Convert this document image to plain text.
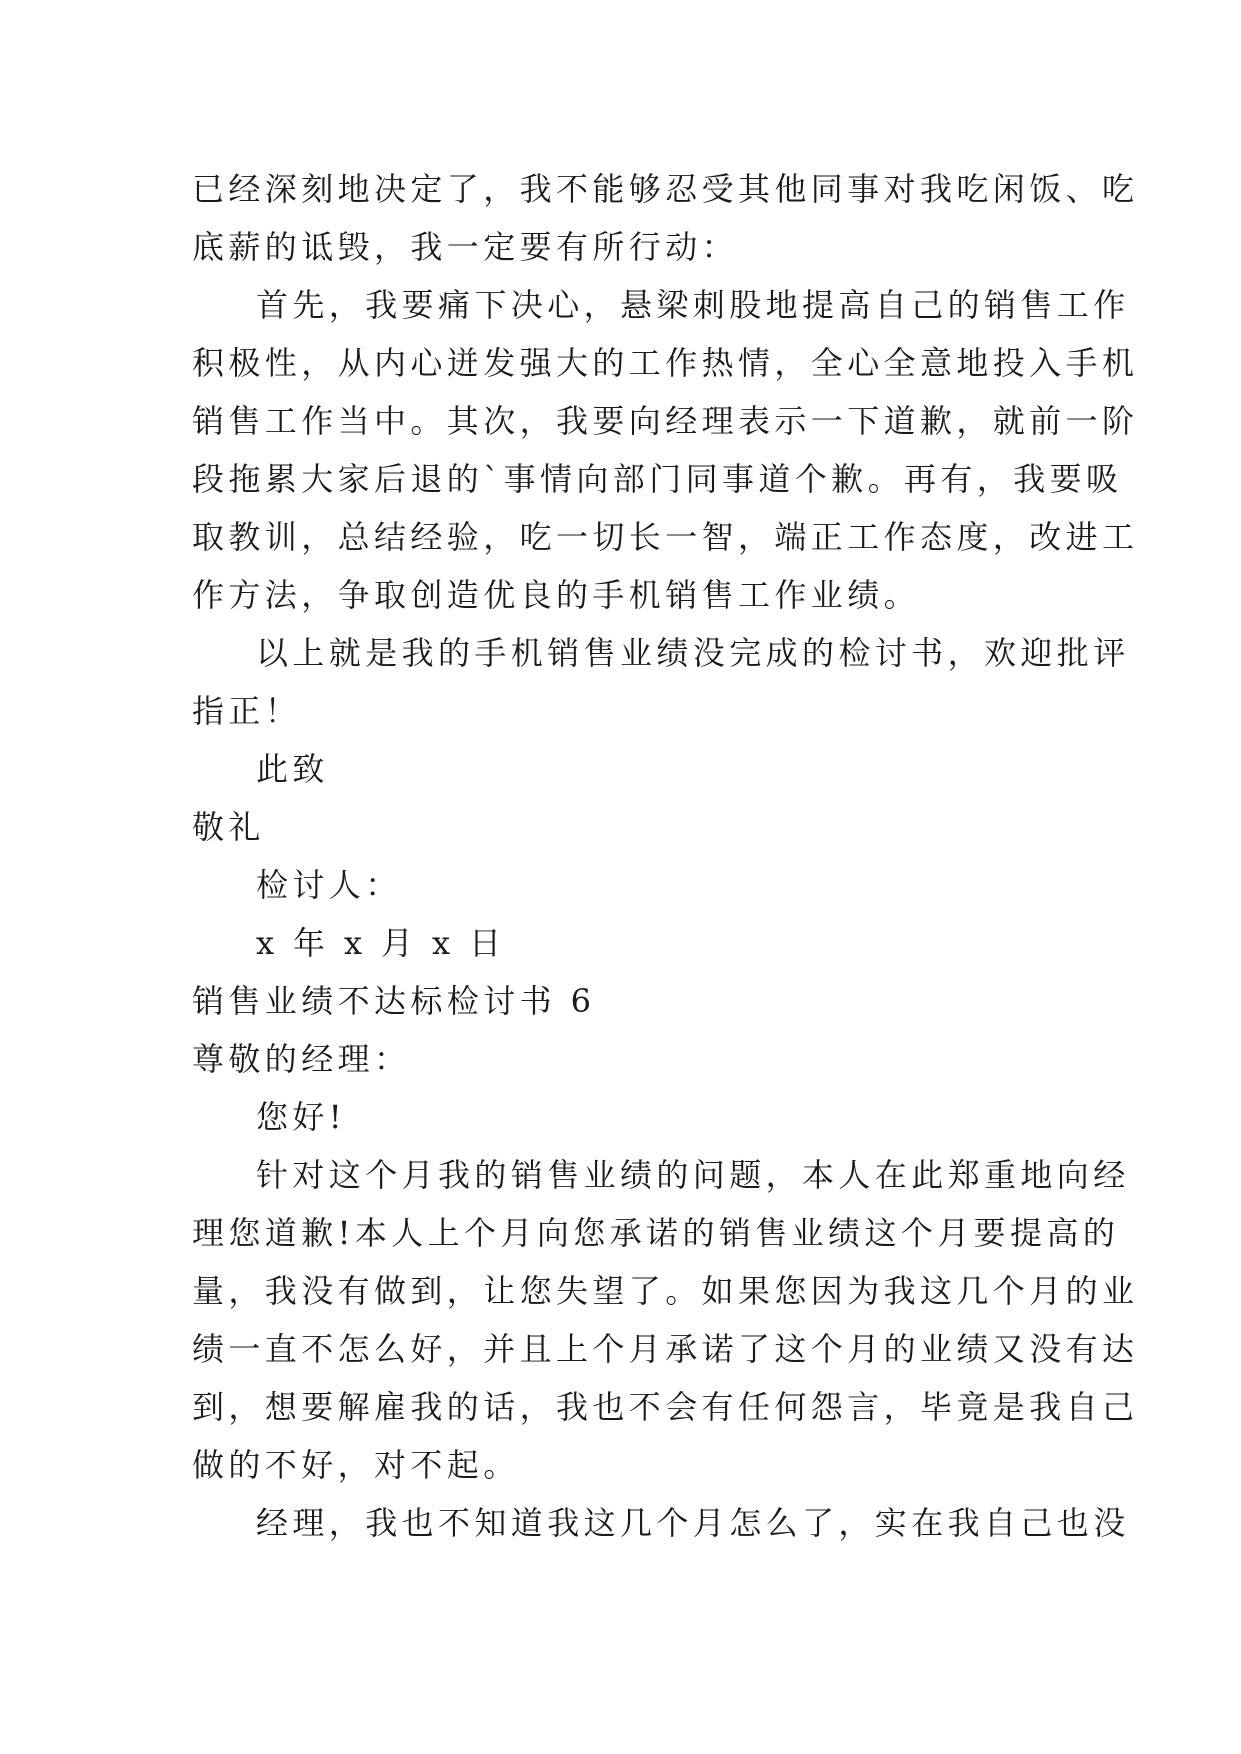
已经深刻地决定了，我不能够忍受其他同事对我吃闲饭、吃
底薪的诋毁，我一定要有所行动：
首先，我要痛下决心，悬梁刺股地提高自己的销售工作
积极性，从内心迸发强大的工作热情，全心全意地投入手机
销售工作当中。其次，我要向经理表示一下道歉，就前一阶
段拖累大家后退的`事情向部门同事道个歉。再有，我要吸
取教训，总结经验，吃一切长一智，端正工作态度，改进工
作方法，争取创造优良的手机销售工作业绩。
以上就是我的手机销售业绩没完成的检讨书，欢迎批评
指正！
此致
敬礼
检讨人：
x 年 x 月 x 日
销售业绩不达标检讨书 6
尊敬的经理：
您好!
针对这个月我的销售业绩的问题，本人在此郑重地向经
理您道歉!本人上个月向您承诺的销售业绩这个月要提高的
量，我没有做到，让您失望了。如果您因为我这几个月的业
绩一直不怎么好，并且上个月承诺了这个月的业绩又没有达
到，想要解雇我的话，我也不会有任何怨言，毕竟是我自己
做的不好，对不起。
经理，我也不知道我这几个月怎么了，实在我自己也没
